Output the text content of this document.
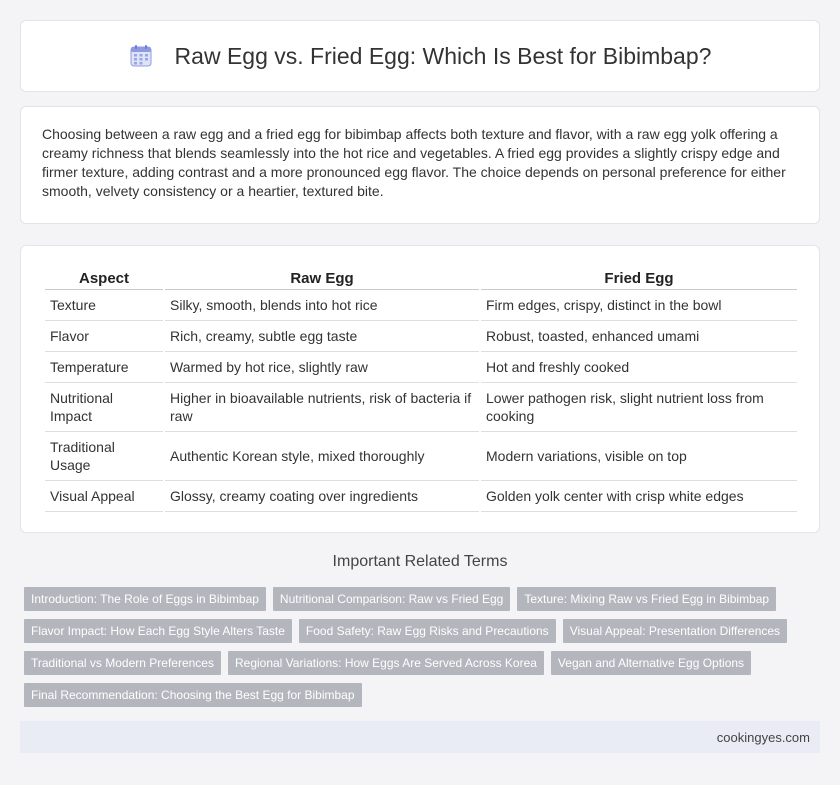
Raw Egg vs. Fried Egg: Which Is Best for Bibimbap?

Choosing between a raw egg and a fried egg for bibimbap affects both texture and flavor, with a raw egg yolk offering a creamy richness that blends seamlessly into the hot rice and vegetables. A fried egg provides a slightly crispy edge and firmer texture, adding contrast and a more pronounced egg flavor. The choice depends on personal preference for either smooth, velvety consistency or a heartier, textured bite.

Aspect	Raw Egg	Fried Egg
Texture	Silky, smooth, blends into hot rice	Firm edges, crispy, distinct in the bowl
Flavor	Rich, creamy, subtle egg taste	Robust, toasted, enhanced umami
Temperature	Warmed by hot rice, slightly raw	Hot and freshly cooked
Nutritional Impact	Higher in bioavailable nutrients, risk of bacteria if raw	Lower pathogen risk, slight nutrient loss from cooking
Traditional Usage	Authentic Korean style, mixed thoroughly	Modern variations, visible on top
Visual Appeal	Glossy, creamy coating over ingredients	Golden yolk center with crisp white edges
Important Related Terms
Introduction: The Role of Eggs in Bibimbap	Nutritional Comparison: Raw vs Fried Egg	Texture: Mixing Raw vs Fried Egg in Bibimbap
Flavor Impact: How Each Egg Style Alters Taste	Food Safety: Raw Egg Risks and Precautions	Visual Appeal: Presentation Differences
Traditional vs Modern Preferences	Regional Variations: How Eggs Are Served Across Korea	Vegan and Alternative Egg Options
Final Recommendation: Choosing the Best Egg for Bibimbap
cookingyes.com
